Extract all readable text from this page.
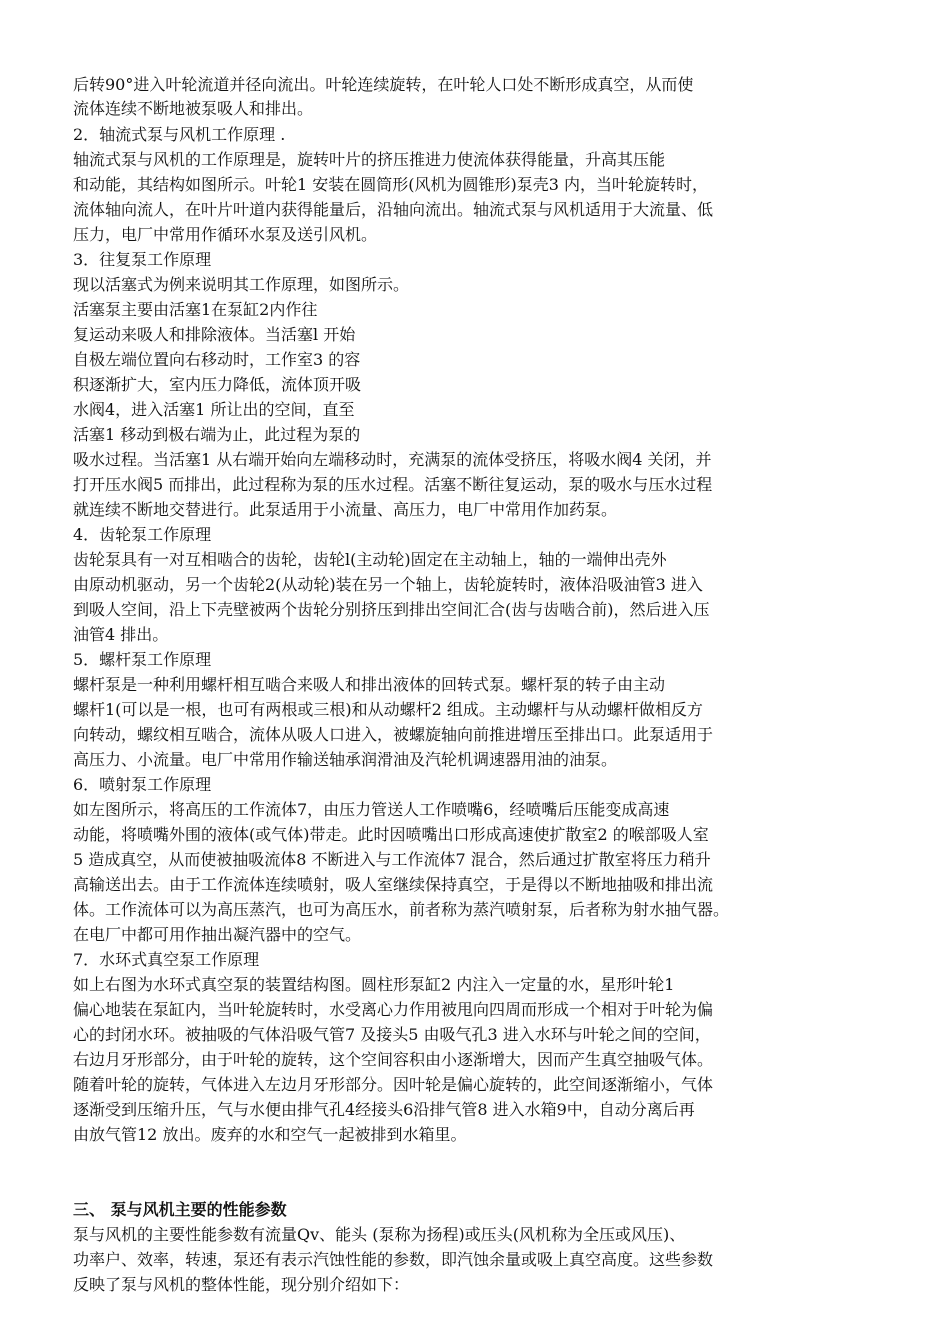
后转90°进入叶轮流道并径向流出。叶轮连续旋转，在叶轮人口处不断形成真空，从而使

流体连续不断地被泵吸人和排出。

2．轴流式泵与风机工作原理 .

轴流式泵与风机的工作原理是，旋转叶片的挤压推进力使流体获得能量，升高其压能

和动能，其结构如图所示。叶轮1 安装在圆筒形(风机为圆锥形)泵壳3 内，当叶轮旋转时，

流体轴向流人，在叶片叶道内获得能量后，沿轴向流出。轴流式泵与风机适用于大流量、低

压力，电厂中常用作循环水泵及送引风机。

3．往复泵工作原理

现以活塞式为例来说明其工作原理，如图所示。

活塞泵主要由活塞1在泵缸2内作往

复运动来吸人和排除液体。当活塞l 开始

自极左端位置向右移动时，工作室3 的容

积逐渐扩大，室内压力降低，流体顶开吸

水阀4，进入活塞1 所让出的空间，直至

活塞1 移动到极右端为止，此过程为泵的

吸水过程。当活塞1 从右端开始向左端移动时，充满泵的流体受挤压，将吸水阀4 关闭，并

打开压水阀5 而排出，此过程称为泵的压水过程。活塞不断往复运动，泵的吸水与压水过程

就连续不断地交替进行。此泵适用于小流量、高压力，电厂中常用作加药泵。

4．齿轮泵工作原理

齿轮泵具有一对互相啮合的齿轮，齿轮l(主动轮)固定在主动轴上，轴的一端伸出壳外

由原动机驱动，另一个齿轮2(从动轮)装在另一个轴上，齿轮旋转时，液体沿吸油管3 进入

到吸人空间，沿上下壳壁被两个齿轮分别挤压到排出空间汇合(齿与齿啮合前)，然后进入压

油管4 排出。

5．螺杆泵工作原理

螺杆泵是一种利用螺杆相互啮合来吸人和排出液体的回转式泵。螺杆泵的转子由主动

螺杆1(可以是一根，也可有两根或三根)和从动螺杆2 组成。主动螺杆与从动螺杆做相反方

向转动，螺纹相互啮合，流体从吸人口进入，被螺旋轴向前推进增压至排出口。此泵适用于

高压力、小流量。电厂中常用作输送轴承润滑油及汽轮机调速器用油的油泵。

6．喷射泵工作原理

如左图所示，将高压的工作流体7，由压力管送人工作喷嘴6，经喷嘴后压能变成高速

动能，将喷嘴外围的液体(或气体)带走。此时因喷嘴出口形成高速使扩散室2 的喉部吸人室

5 造成真空，从而使被抽吸流体8 不断进入与工作流体7 混合，然后通过扩散室将压力稍升

高输送出去。由于工作流体连续喷射，吸人室继续保持真空，于是得以不断地抽吸和排出流

体。工作流体可以为高压蒸汽，也可为高压水，前者称为蒸汽喷射泵，后者称为射水抽气器。

在电厂中都可用作抽出凝汽器中的空气。

7．水环式真空泵工作原理

如上右图为水环式真空泵的装置结构图。圆柱形泵缸2 内注入一定量的水，星形叶轮1

偏心地装在泵缸内，当叶轮旋转时，水受离心力作用被甩向四周而形成一个相对于叶轮为偏

心的封闭水环。被抽吸的气体沿吸气管7 及接头5 由吸气孔3 进入水环与叶轮之间的空间，

右边月牙形部分，由于叶轮的旋转，这个空间容积由小逐渐增大，因而产生真空抽吸气体。

随着叶轮的旋转，气体进入左边月牙形部分。因叶轮是偏心旋转的，此空间逐渐缩小，气体

逐渐受到压缩升压，气与水便由排气孔4经接头6沿排气管8 进入水箱9中，自动分离后再

由放气管12 放出。废弃的水和空气一起被排到水箱里。

三、 泵与风机主要的性能参数

泵与风机的主要性能参数有流量Qv、能头 (泵称为扬程)或压头(风机称为全压或风压)、

功率户、效率，转速，泵还有表示汽蚀性能的参数，即汽蚀余量或吸上真空高度。这些参数

反映了泵与风机的整体性能，现分别介绍如下：
